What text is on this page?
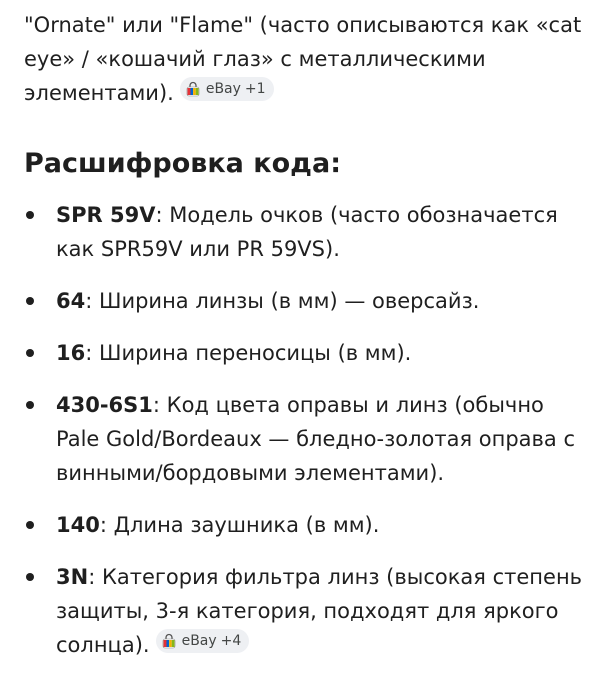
"Ornate" или "Flame" (часто описываются как «cat eye» / «кошачий глаз» с металлическими элементами). eBay +1

Расшифровка кода:
SPR 59V: Модель очков (часто обозначается как SPR59V или PR 59VS).
64: Ширина линзы (в мм) — оверсайз.
16: Ширина переносицы (в мм).
430-6S1: Код цвета оправы и линз (обычно Pale Gold/Bordeaux — бледно-золотая оправа с винными/бордовыми элементами).
140: Длина заушника (в мм).
3N: Категория фильтра линз (высокая степень защиты, 3-я категория, подходят для яркого солнца). eBay +4
